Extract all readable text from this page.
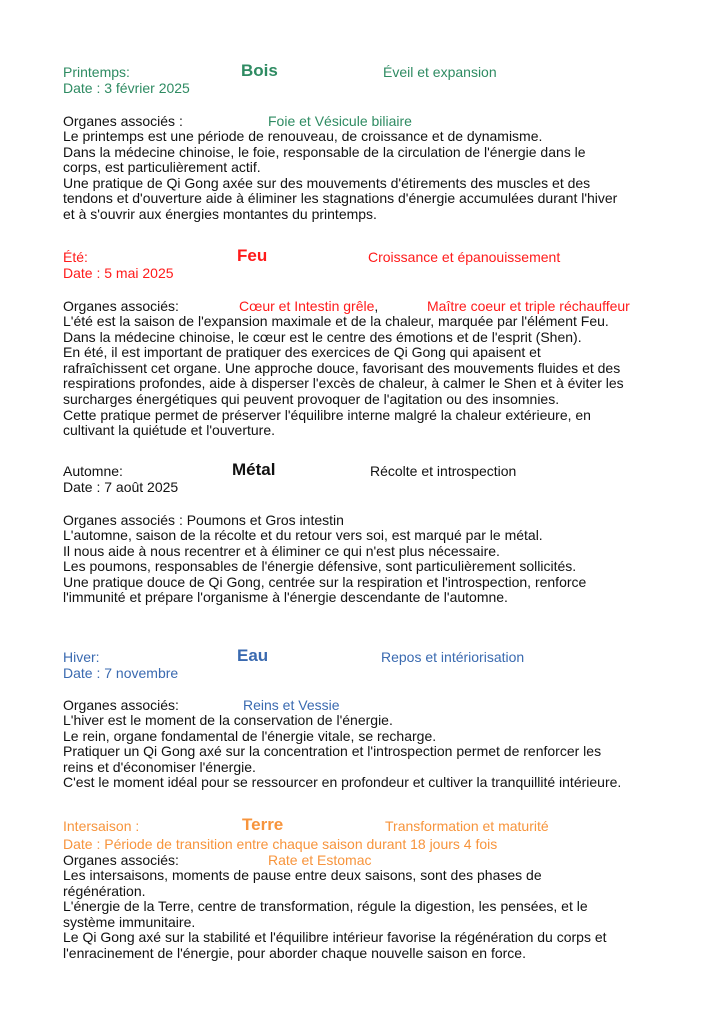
Printemps:	Bois	Éveil et expansion
Date : 3 février 2025
Organes associés :	Foie et Vésicule biliaire
Le printemps est une période de renouveau, de croissance et de dynamisme.
Dans la médecine chinoise, le foie, responsable de la circulation de l'énergie dans le
corps, est particulièrement actif.
Une pratique de Qi Gong axée sur des mouvements d'étirements des muscles et des
tendons et d'ouverture aide à éliminer les stagnations d'énergie accumulées durant l'hiver
et à s'ouvrir aux énergies montantes du printemps.
Été:	Feu	Croissance et épanouissement
Date : 5 mai 2025
Organes associés:	Cœur et Intestin grêle,	Maître coeur et triple réchauffeur
L'été est la saison de l'expansion maximale et de la chaleur, marquée par l'élément Feu.
Dans la médecine chinoise, le cœur est le centre des émotions et de l'esprit (Shen).
En été, il est important de pratiquer des exercices de Qi Gong qui apaisent et
rafraîchissent cet organe. Une approche douce, favorisant des mouvements fluides et des
respirations profondes, aide à disperser l'excès de chaleur, à calmer le Shen et à éviter les
surcharges énergétiques qui peuvent provoquer de l'agitation ou des insomnies.
Cette pratique permet de préserver l'équilibre interne malgré la chaleur extérieure, en
cultivant la quiétude et l'ouverture.
Automne:	Métal	Récolte et introspection
Date : 7 août 2025
Organes associés : Poumons et Gros intestin
L'automne, saison de la récolte et du retour vers soi, est marqué par le métal.
Il nous aide à nous recentrer et à éliminer ce qui n'est plus nécessaire.
Les poumons, responsables de l'énergie défensive, sont particulièrement sollicités.
Une pratique douce de Qi Gong, centrée sur la respiration et l'introspection, renforce
l'immunité et prépare l'organisme à l'énergie descendante de l'automne.
Hiver:	Eau	Repos et intériorisation
Date : 7 novembre
Organes associés:	Reins et Vessie
L'hiver est le moment de la conservation de l'énergie.
Le rein, organe fondamental de l'énergie vitale, se recharge.
Pratiquer un Qi Gong axé sur la concentration et l'introspection permet de renforcer les
reins et d'économiser l'énergie.
C'est le moment idéal pour se ressourcer en profondeur et cultiver la tranquillité intérieure.
Intersaison :	Terre	Transformation et maturité
Date : Période de transition entre chaque saison durant 18 jours 4 fois
Organes associés:	Rate et Estomac
Les intersaisons, moments de pause entre deux saisons, sont des phases de
régénération.
L'énergie de la Terre, centre de transformation, régule la digestion, les pensées, et le
système immunitaire.
Le Qi Gong axé sur la stabilité et l'équilibre intérieur favorise la régénération du corps et
l'enracinement de l'énergie, pour aborder chaque nouvelle saison en force.
